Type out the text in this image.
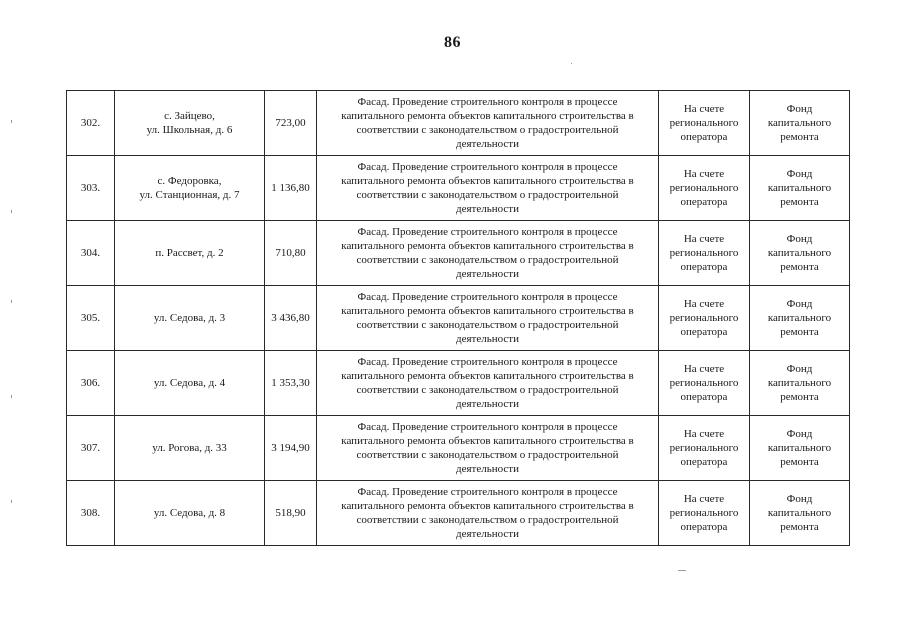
86
302.	с. Зайцево,
ул. Школьная, д. 6	723,00	Фасад. Проведение строительного контроля в процессе
капитального ремонта объектов капитального строительства в
соответствии с законодательством о градостроительной
деятельности	На счете
регионального
оператора	Фонд
капитального
ремонта

303.	с. Федоровка,
ул. Станционная, д. 7	1 136,80	Фасад. Проведение строительного контроля в процессе
капитального ремонта объектов капитального строительства в
соответствии с законодательством о градостроительной
деятельности	На счете
регионального
оператора	Фонд
капитального
ремонта

304.	п. Рассвет, д. 2	710,80	Фасад. Проведение строительного контроля в процессе
капитального ремонта объектов капитального строительства в
соответствии с законодательством о градостроительной
деятельности	На счете
регионального
оператора	Фонд
капитального
ремонта

305.	ул. Седова, д. 3	3 436,80	Фасад. Проведение строительного контроля в процессе
капитального ремонта объектов капитального строительства в
соответствии с законодательством о градостроительной
деятельности	На счете
регионального
оператора	Фонд
капитального
ремонта

306.	ул. Седова, д. 4	1 353,30	Фасад. Проведение строительного контроля в процессе
капитального ремонта объектов капитального строительства в
соответствии с законодательством о градостроительной
деятельности	На счете
регионального
оператора	Фонд
капитального
ремонта

307.	ул. Рогова, д. 33	3 194,90	Фасад. Проведение строительного контроля в процессе
капитального ремонта объектов капитального строительства в
соответствии с законодательством о градостроительной
деятельности	На счете
регионального
оператора	Фонд
капитального
ремонта

308.	ул. Седова, д. 8	518,90	Фасад. Проведение строительного контроля в процессе
капитального ремонта объектов капитального строительства в
соответствии с законодательством о градостроительной
деятельности	На счете
регионального
оператора	Фонд
капитального
ремонта
